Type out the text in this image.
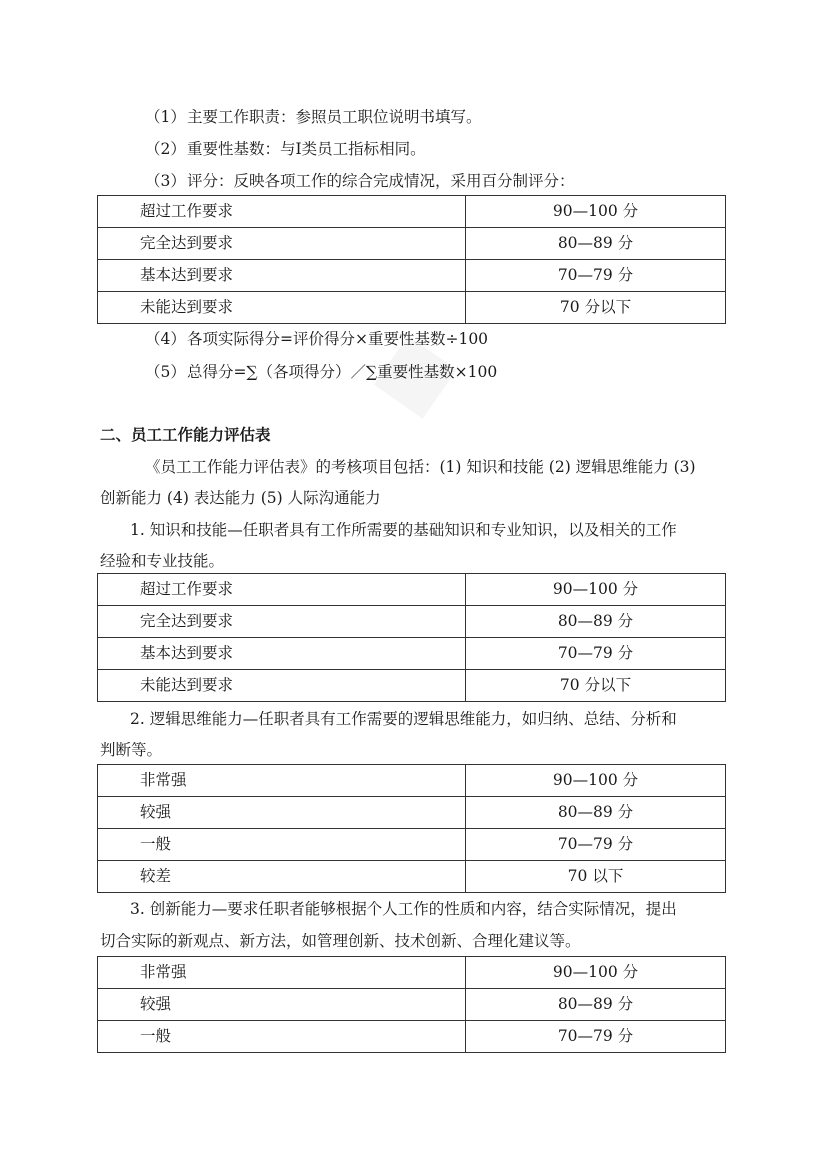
（1）主要工作职责：参照员工职位说明书填写。
（2）重要性基数：与Ⅰ类员工指标相同。
（3）评分：反映各项工作的综合完成情况，采用百分制评分：
超过工作要求	90—100 分
完全达到要求	80—89 分
基本达到要求	70—79 分
未能达到要求	70 分以下
（4）各项实际得分=评价得分×重要性基数÷100
（5）总得分=∑（各项得分）／∑重要性基数×100
二、员工工作能力评估表
《员工工作能力评估表》的考核项目包括：(1) 知识和技能 (2) 逻辑思维能力 (3)
创新能力 (4) 表达能力 (5) 人际沟通能力
1. 知识和技能—任职者具有工作所需要的基础知识和专业知识，以及相关的工作
经验和专业技能。
超过工作要求	90—100 分
完全达到要求	80—89 分
基本达到要求	70—79 分
未能达到要求	70 分以下
2. 逻辑思维能力—任职者具有工作需要的逻辑思维能力，如归纳、总结、分析和
判断等。
非常强	90—100 分
较强	80—89 分
一般	70—79 分
较差	70 以下
3. 创新能力—要求任职者能够根据个人工作的性质和内容，结合实际情况，提出
切合实际的新观点、新方法，如管理创新、技术创新、合理化建议等。
非常强	90—100 分
较强	80—89 分
一般	70—79 分
